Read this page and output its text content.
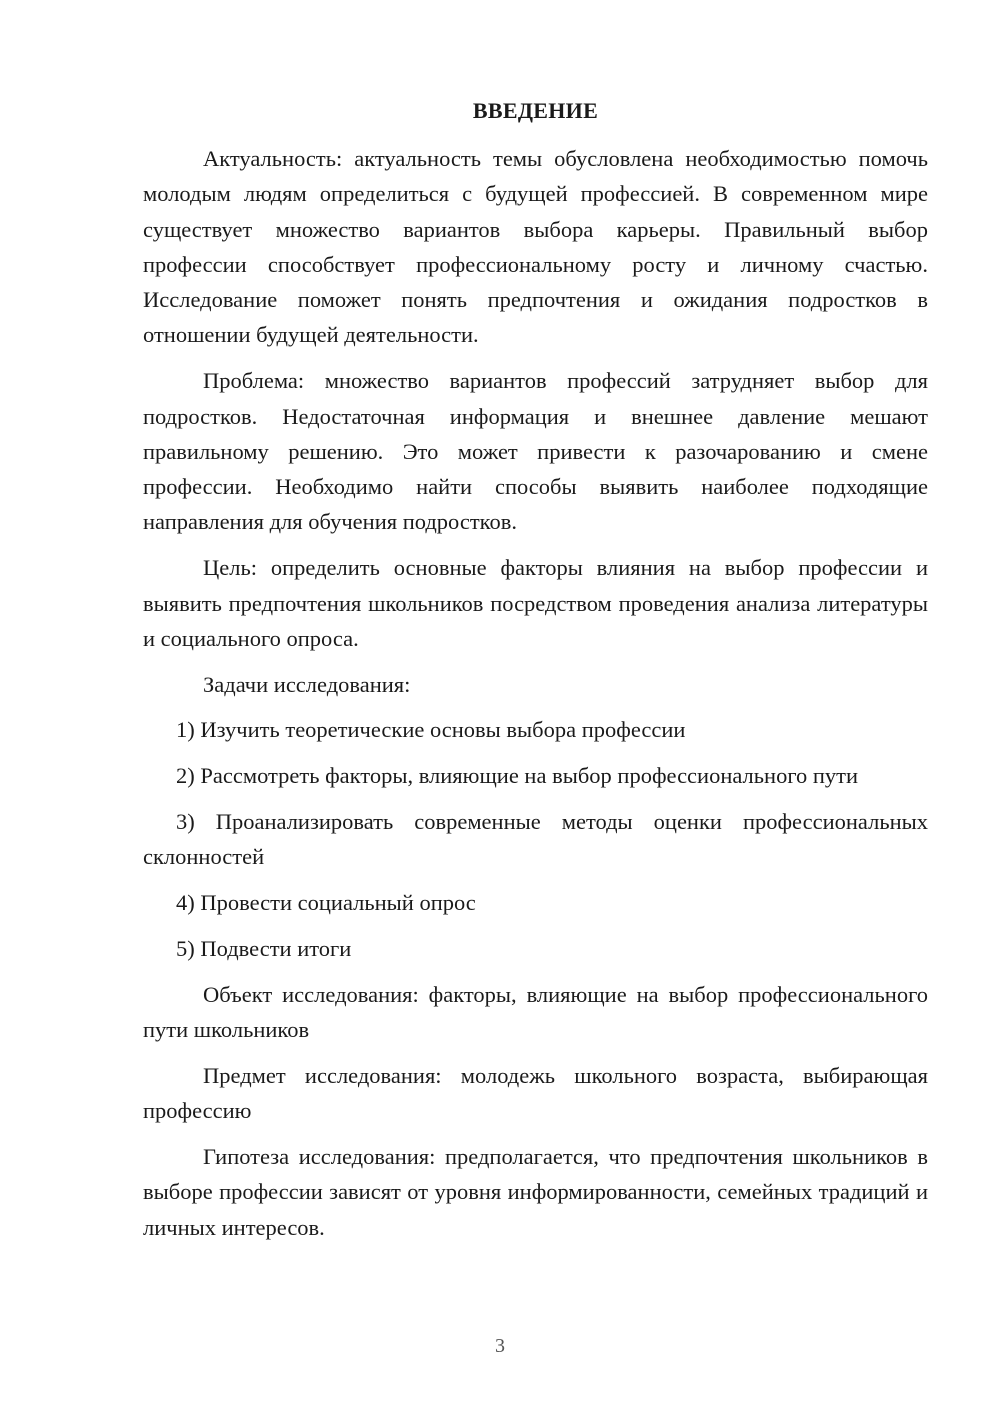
ВВЕДЕНИЕ

Актуальность: актуальность темы обусловлена необходимостью помочь молодым людям определиться с будущей профессией. В современном мире существует множество вариантов выбора карьеры. Правильный выбор профессии способствует профессиональному росту и личному счастью. Исследование поможет понять предпочтения и ожидания подростков в отношении будущей деятельности.

Проблема: множество вариантов профессий затрудняет выбор для подростков. Недостаточная информация и внешнее давление мешают правильному решению. Это может привести к разочарованию и смене профессии. Необходимо найти способы выявить наиболее подходящие направления для обучения подростков.

Цель: определить основные факторы влияния на выбор профессии и выявить предпочтения школьников посредством проведения анализа литературы и социального опроса.

Задачи исследования:

1) Изучить теоретические основы выбора профессии

2) Рассмотреть факторы, влияющие на выбор профессионального пути

3) Проанализировать современные методы оценки профессиональных склонностей

4) Провести социальный опрос

5) Подвести итоги

Объект исследования: факторы, влияющие на выбор профессионального пути школьников

Предмет исследования: молодежь школьного возраста, выбирающая профессию

Гипотеза исследования: предполагается, что предпочтения школьников в выборе профессии зависят от уровня информированности, семейных традиций и личных интересов.

3
